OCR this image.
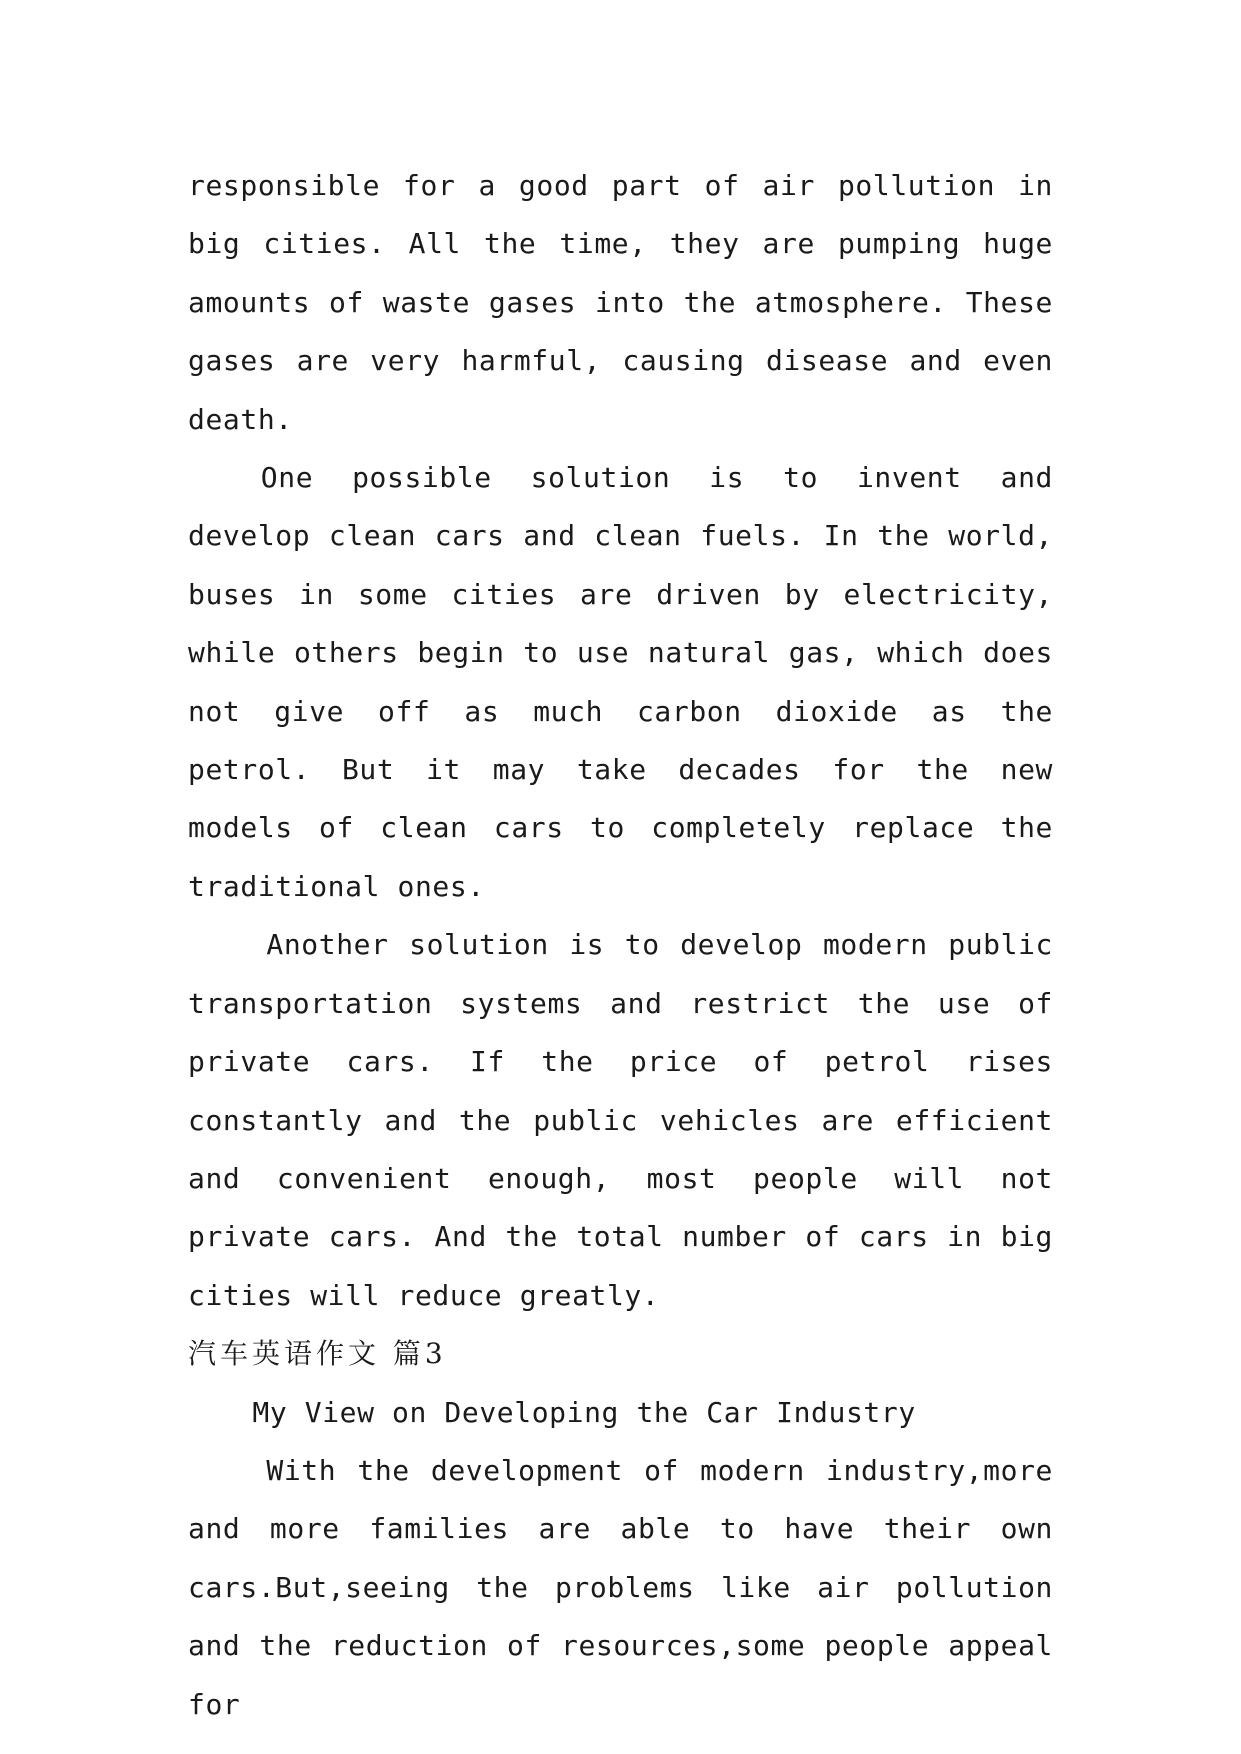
responsible for a good part of air pollution in big cities. All the time, they are pumping huge amounts of waste gases into the atmosphere. These gases are very harmful, causing disease and even death.

One possible solution is to invent and develop clean cars and clean fuels. In the world, buses in some cities are driven by electricity, while others begin to use natural gas, which does not give off as much carbon dioxide as the petrol. But it may take decades for the new models of clean cars to completely replace the traditional ones.

Another solution is to develop modern public transportation systems and restrict the use of private cars. If the price of petrol rises constantly and the public vehicles are efficient and convenient enough, most people will not private cars. And the total number of cars in big cities will reduce greatly.

汽车英语作文 篇3

My View on Developing the Car Industry

With the development of modern industry,more and more families are able to have their own cars.But,seeing the problems like air pollution and the reduction of resources,some people appeal for
